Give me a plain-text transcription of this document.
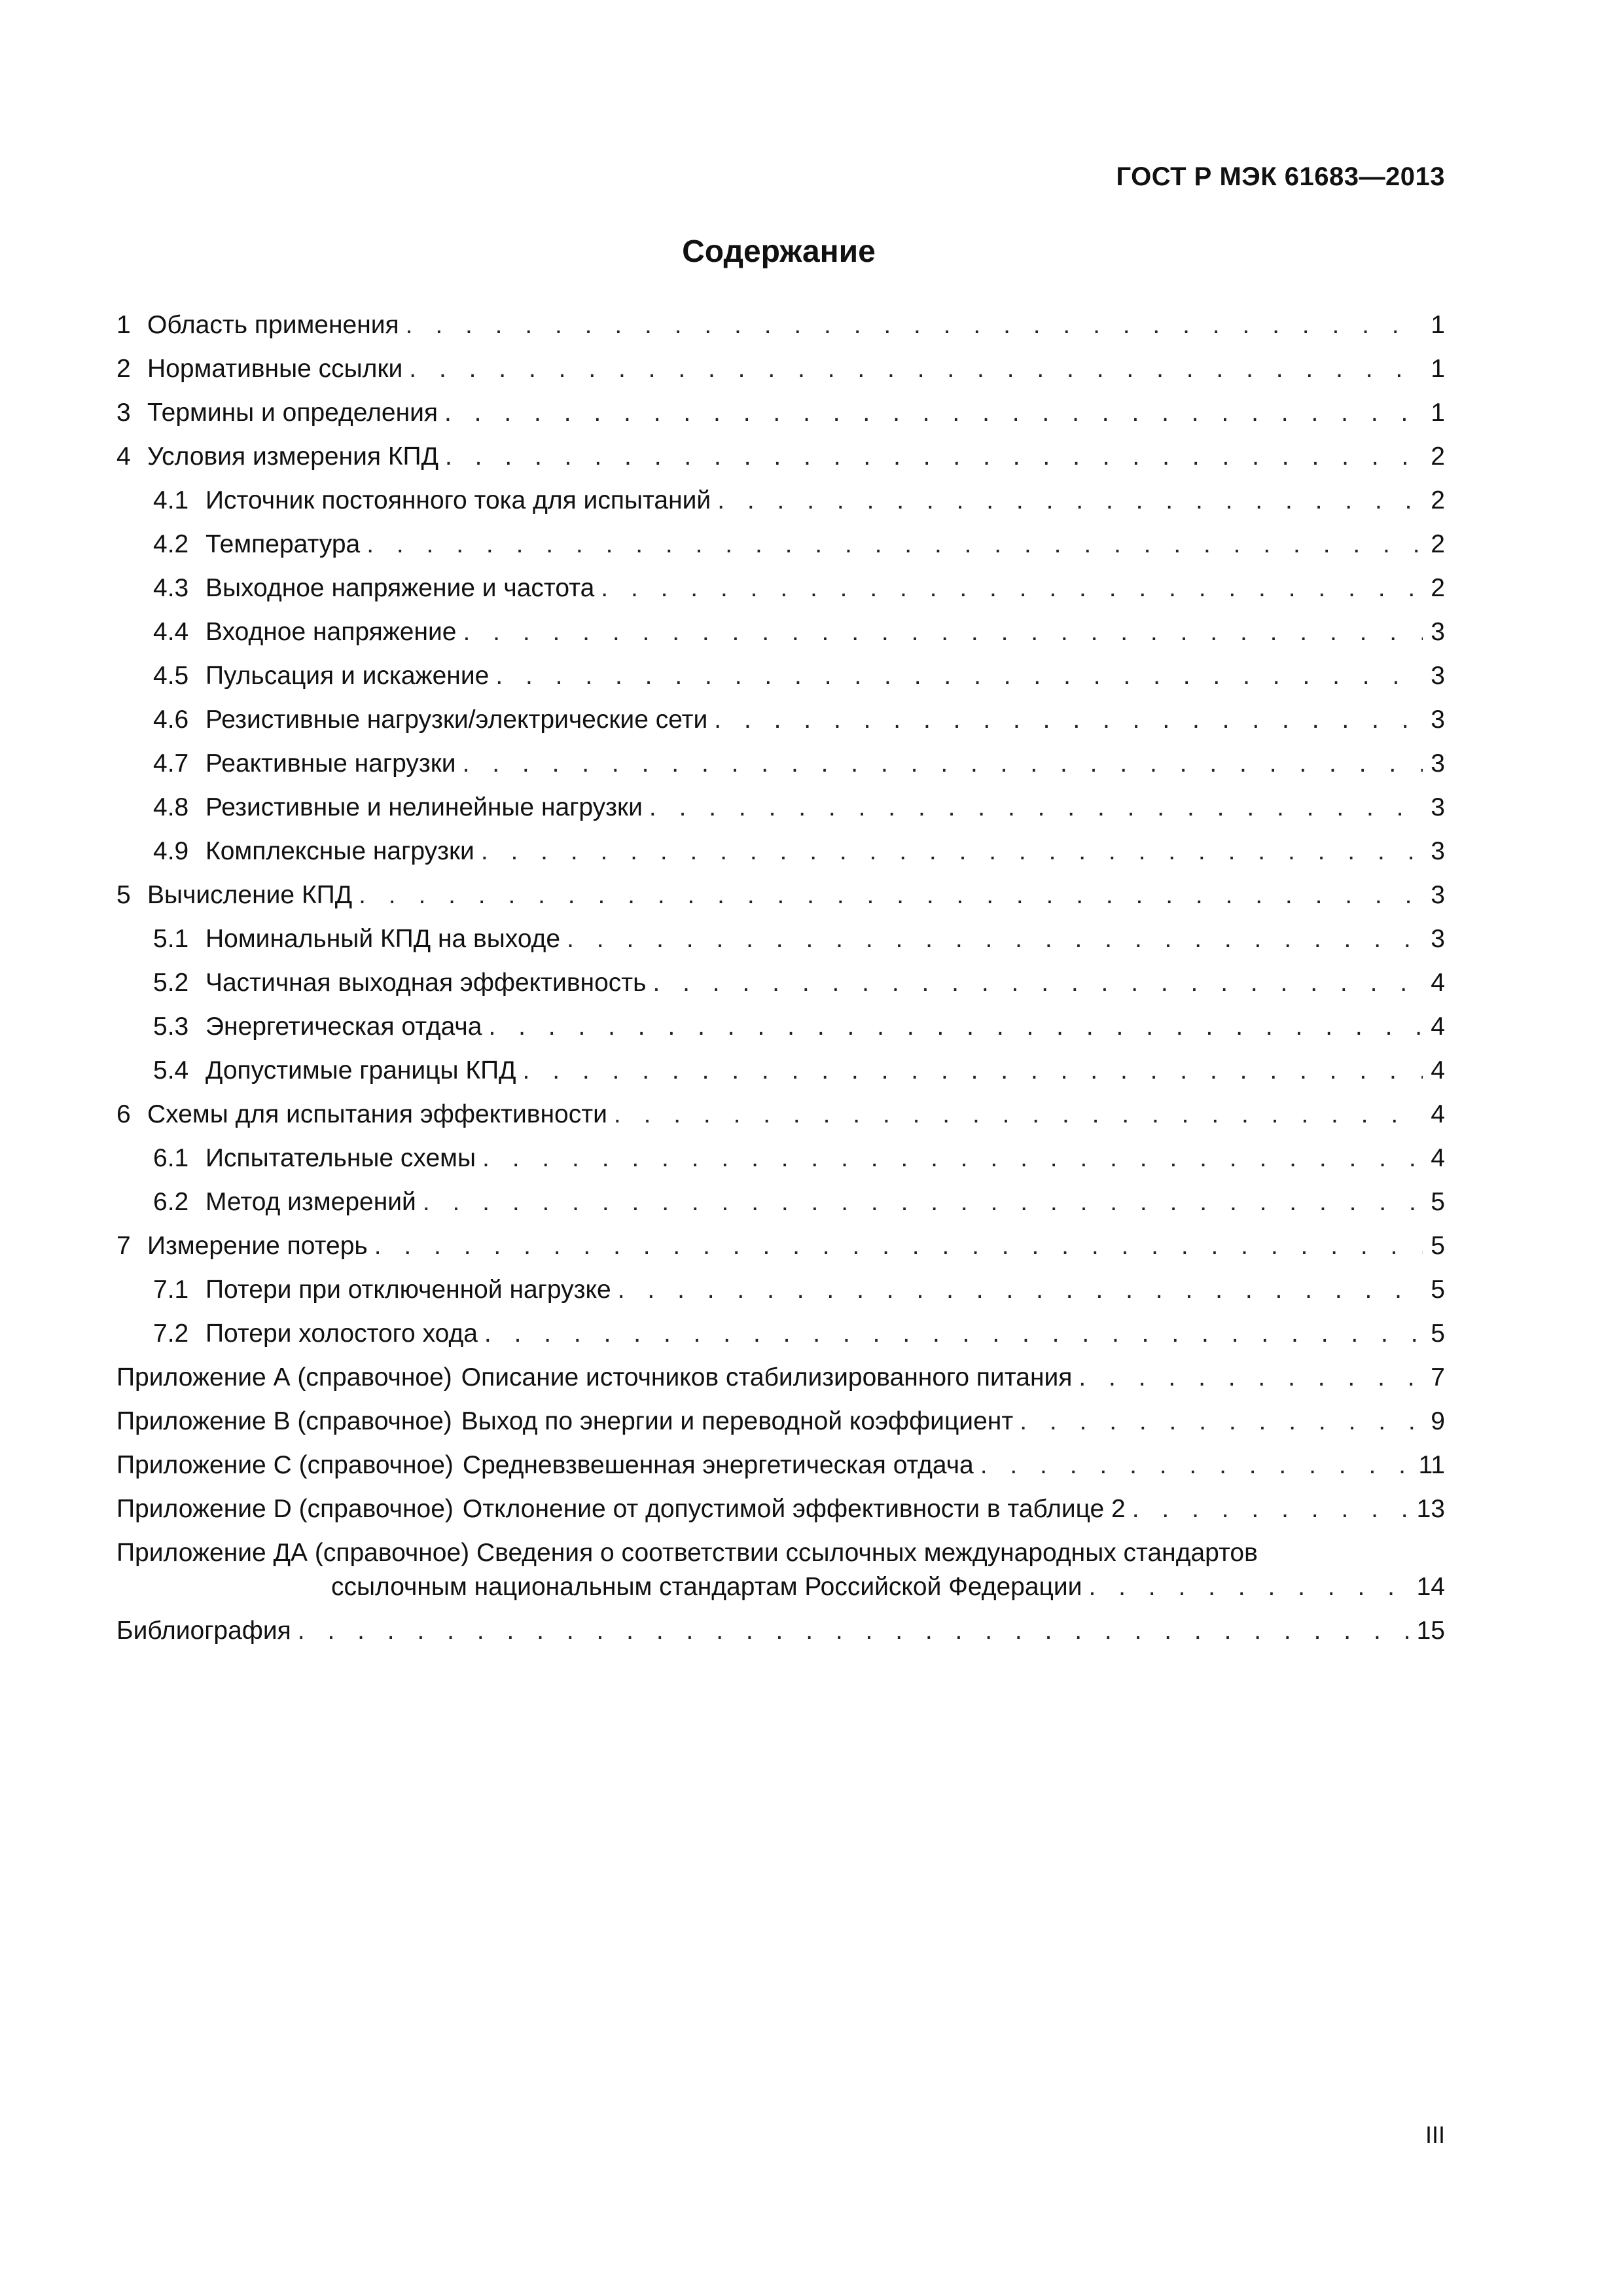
ГОСТ Р МЭК 61683—2013
Содержание
1 Область применения . . .	1
2 Нормативные ссылки . . .	1
3 Термины и определения . . .	1
4 Условия измерения КПД . . .	2
4.1 Источник постоянного тока для испытаний . . .	2
4.2 Температура . . .	2
4.3 Выходное напряжение и частота . . .	2
4.4 Входное напряжение . . .	3
4.5 Пульсация и искажение . . .	3
4.6 Резистивные нагрузки/электрические сети . . .	3
4.7 Реактивные нагрузки . . .	3
4.8 Резистивные и нелинейные нагрузки . . .	3
4.9 Комплексные нагрузки . . .	3
5 Вычисление КПД . . .	3
5.1 Номинальный КПД на выходе . . .	3
5.2 Частичная выходная эффективность . . .	4
5.3 Энергетическая отдача . . .	4
5.4 Допустимые границы КПД . . .	4
6 Схемы для испытания эффективности . . .	4
6.1 Испытательные схемы . . .	4
6.2 Метод измерений . . .	5
7 Измерение потерь . . .	5
7.1 Потери при отключенной нагрузке . . .	5
7.2 Потери холостого хода . . .	5
Приложение А (справочное) Описание источников стабилизированного питания . . .	7
Приложение В (справочное) Выход по энергии и переводной коэффициент . . .	9
Приложение С (справочное) Средневзвешенная энергетическая отдача . . .	11
Приложение D (справочное) Отклонение от допустимой эффективности в таблице 2 . . .	13
Приложение ДА (справочное) Сведения о соответствии ссылочных международных стандартов
ссылочным национальным стандартам Российской Федерации . . .	14
Библиография . . .	15
III
